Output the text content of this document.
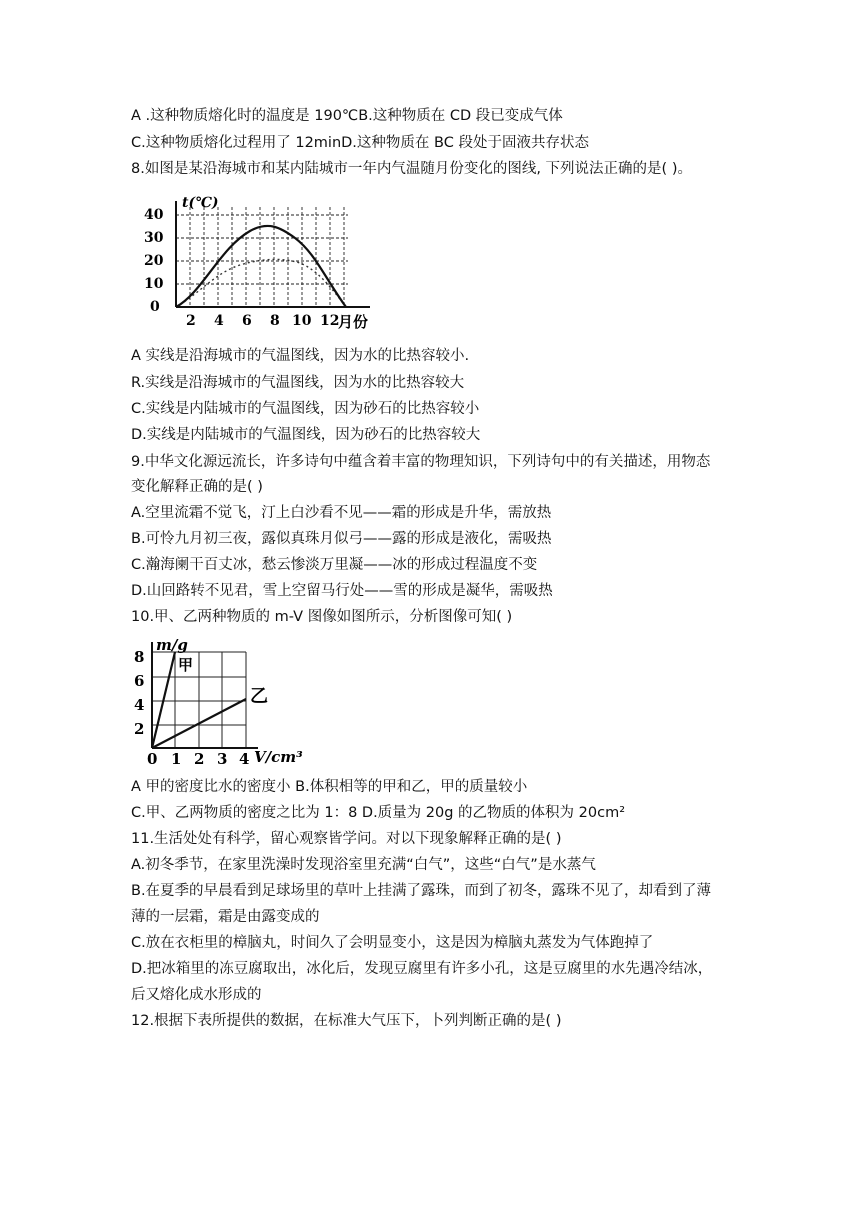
A .这种物质熔化时的温度是 190℃B.这种物质在 CD 段已变成气体
C.这种物质熔化过程用了 12minD.这种物质在 BC 段处于固液共存状态
8.如图是某沿海城市和某内陆城市一年内气温随月份变化的图线, 下列说法正确的是( )。
0
10
20
30
40
t(℃)
2 4 6 8 10 12
月份
A 实线是沿海城市的气温图线，因为水的比热容较小.
R.实线是沿海城市的气温图线，因为水的比热容较大
C.实线是内陆城市的气温图线，因为砂石的比热容较小
D.实线是内陆城市的气温图线，因为砂石的比热容较大
9.中华文化源远流长，许多诗句中蕴含着丰富的物理知识，下列诗句中的有关描述，用物态
变化解释正确的是( )
A.空里流霜不觉飞，汀上白沙看不见——霜的形成是升华，需放热
B.可怜九月初三夜，露似真珠月似弓——露的形成是液化，需吸热
C.瀚海阑干百丈冰，愁云惨淡万里凝——冰的形成过程温度不变
D.山回路转不见君，雪上空留马行处——雪的形成是凝华，需吸热
10.甲、乙两种物质的 m-V 图像如图所示，分析图像可知( )
m/g
甲
乙
8
6
4
2
0 1 2 3 4 V/cm³
A 甲的密度比水的密度小 B.体积相等的甲和乙，甲的质量较小
C.甲、乙两物质的密度之比为 1：8 D.质量为 20g 的乙物质的体积为 20cm²
11.生活处处有科学，留心观察皆学问。对以下现象解释正确的是( )
A.初冬季节，在家里洗澡时发现浴室里充满“白气”，这些“白气”是水蒸气
B.在夏季的早晨看到足球场里的草叶上挂满了露珠，而到了初冬，露珠不见了，却看到了薄
薄的一层霜，霜是由露变成的
C.放在衣柜里的樟脑丸，时间久了会明显变小，这是因为樟脑丸蒸发为气体跑掉了
D.把冰箱里的冻豆腐取出，冰化后，发现豆腐里有许多小孔，这是豆腐里的水先遇冷结冰，
后又熔化成水形成的
12.根据下表所提供的数据，在标准大气压下，卜列判断正确的是( )
